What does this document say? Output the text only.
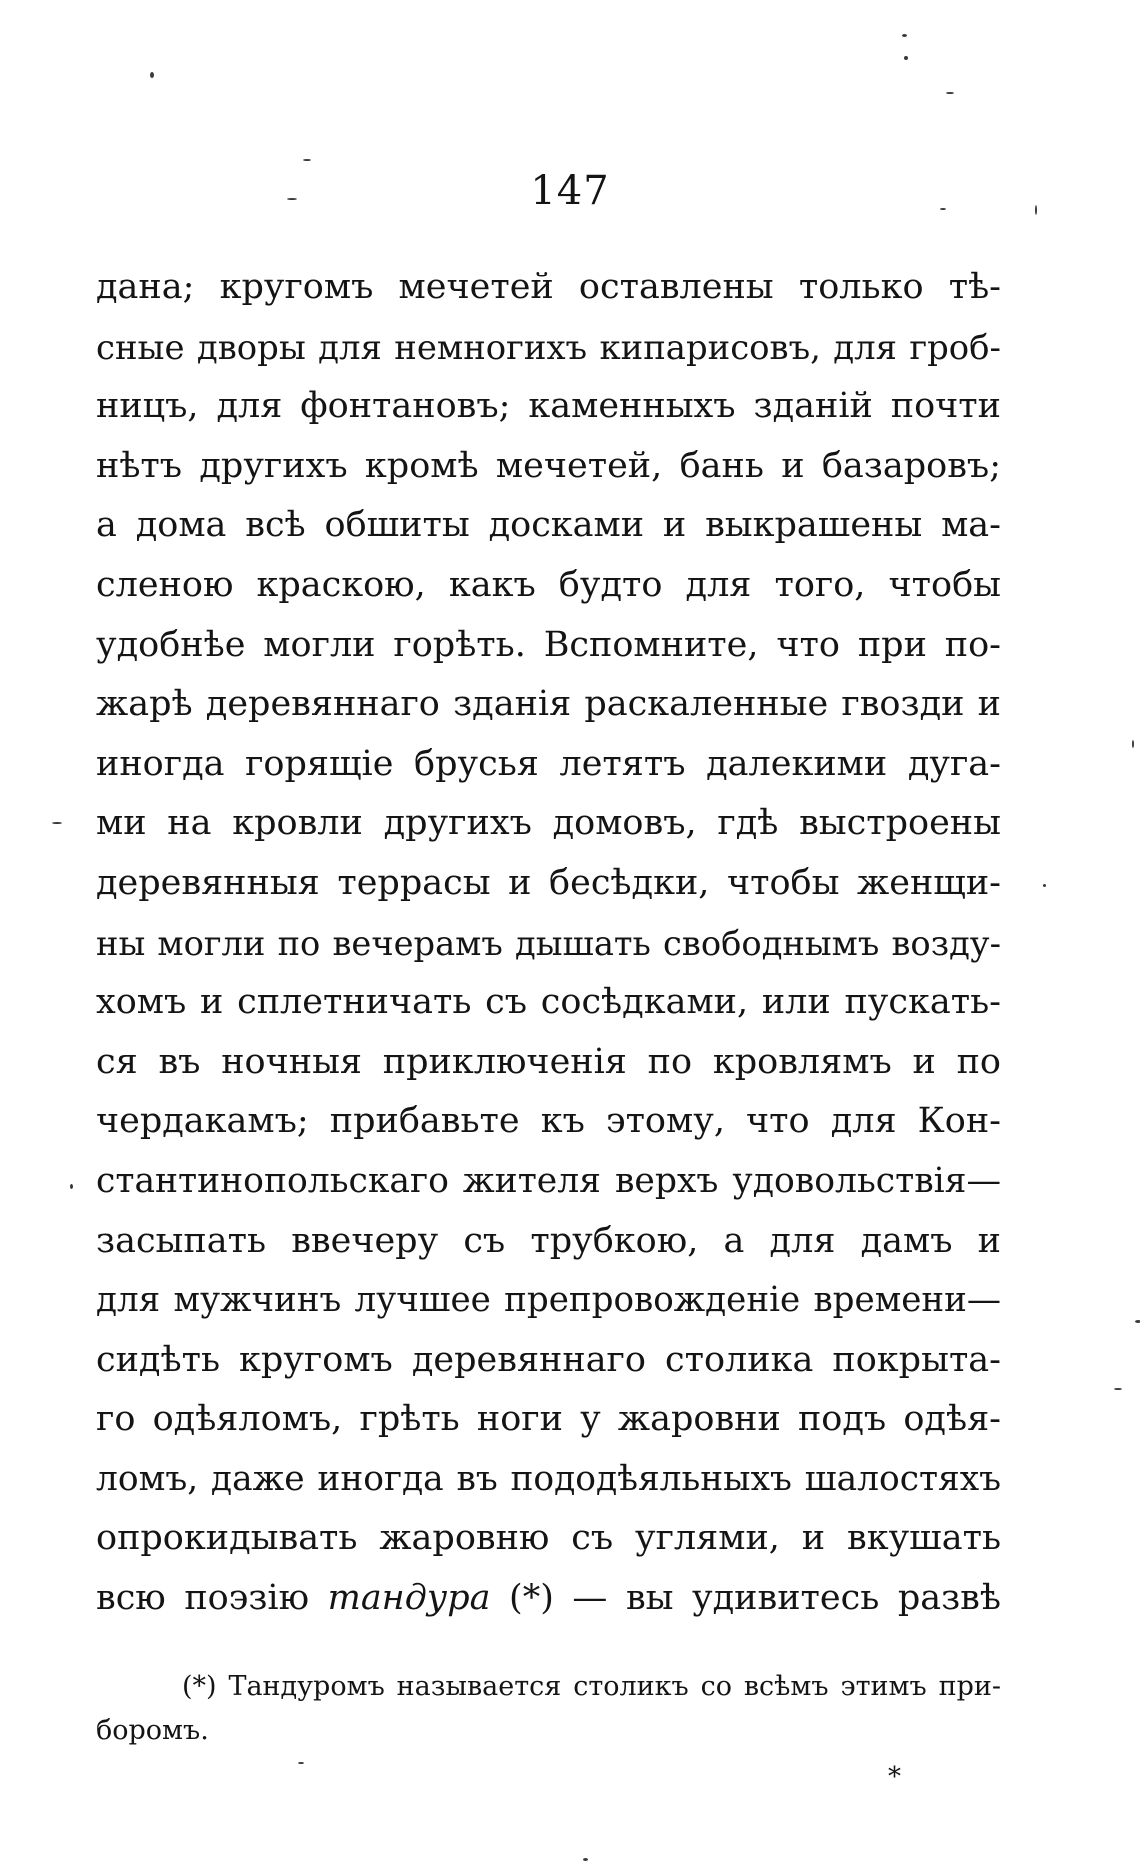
147
дана; кругомъ мечетей оставлены только тѣ-
сные дворы для немногихъ кипарисовъ, для гроб-
ницъ, для фонтановъ; каменныхъ зданій почти
нѣтъ другихъ кромѣ мечетей, бань и базаровъ;
а дома всѣ обшиты досками и выкрашены ма-
сленою краскою, какъ будто для того, чтобы
удобнѣе могли горѣть. Вспомните, что при по-
жарѣ деревяннаго зданія раскаленные гвозди и
иногда горящіе брусья летятъ далекими дуга-
ми на кровли другихъ домовъ, гдѣ выстроены
деревянныя террасы и бесѣдки, чтобы женщи-
ны могли по вечерамъ дышать свободнымъ возду-
хомъ и сплетничать съ сосѣдками, или пускать-
ся въ ночныя приключенія по кровлямъ и по
чердакамъ; прибавьте къ этому, что для Кон-
стантинопольскаго жителя верхъ удовольствія—
засыпать ввечеру съ трубкою, а для дамъ и
для мужчинъ лучшее препровожденіе времени—
сидѣть кругомъ деревяннаго столика покрыта-
го одѣяломъ, грѣть ноги у жаровни подъ одѣя-
ломъ, даже иногда въ пододѣяльныхъ шалостяхъ
опрокидывать жаровню съ углями, и вкушать
всю поэзію тандура (*) — вы удивитесь развѣ
(*) Тандуромъ называется столикъ со всѣмъ этимъ при-
боромъ.
*
